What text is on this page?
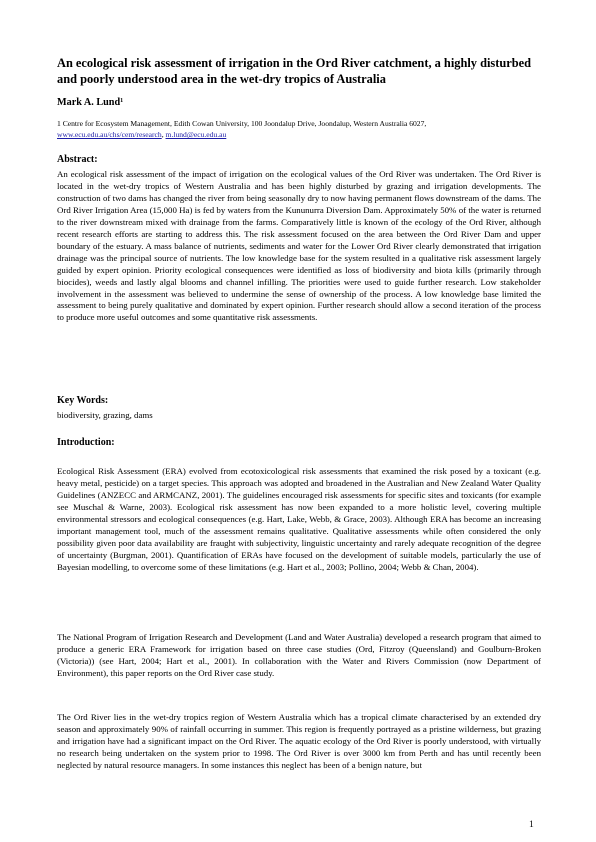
An ecological risk assessment of irrigation in the Ord River catchment, a highly disturbed and poorly understood area in the wet-dry tropics of Australia
Mark A. Lund$^1$
1 Centre for Ecosystem Management, Edith Cowan University, 100 Joondalup Drive, Joondalup, Western Australia 6027,
www.ecu.edu.au/chs/cem/research, m.lund@ecu.edu.au
Abstract:
An ecological risk assessment of the impact of irrigation on the ecological values of the Ord River was undertaken. The Ord River is located in the wet-dry tropics of Western Australia and has been highly disturbed by grazing and irrigation developments. The construction of two dams has changed the river from being seasonally dry to now having permanent flows downstream of the dams. The Ord River Irrigation Area (15,000 Ha) is fed by waters from the Kununurra Diversion Dam. Approximately 50% of the water is returned to the river downstream mixed with drainage from the farms. Comparatively little is known of the ecology of the Ord River, although recent research efforts are starting to address this. The risk assessment focused on the area between the Ord River Dam and upper boundary of the estuary. A mass balance of nutrients, sediments and water for the Lower Ord River clearly demonstrated that irrigation drainage was the principal source of nutrients. The low knowledge base for the system resulted in a qualitative risk assessment largely guided by expert opinion. Priority ecological consequences were identified as loss of biodiversity and biota kills (primarily through biocides), weeds and lastly algal blooms and channel infilling. The priorities were used to guide further research. Low stakeholder involvement in the assessment was believed to undermine the sense of ownership of the process. A low knowledge base limited the assessment to being purely qualitative and dominated by expert opinion. Further research should allow a second iteration of the process to produce more useful outcomes and some quantitative risk assessments.
Key Words:
biodiversity, grazing, dams
Introduction:
Ecological Risk Assessment (ERA) evolved from ecotoxicological risk assessments that examined the risk posed by a toxicant (e.g. heavy metal, pesticide) on a target species. This approach was adopted and broadened in the Australian and New Zealand Water Quality Guidelines (ANZECC and ARMCANZ, 2001). The guidelines encouraged risk assessments for specific sites and toxicants (for example see Muschal & Warne, 2003). Ecological risk assessment has now been expanded to a more holistic level, covering multiple environmental stressors and ecological consequences (e.g. Hart, Lake, Webb, & Grace, 2003). Although ERA has become an increasing important management tool, much of the assessment remains qualitative. Qualitative assessments while often considered the only possibility given poor data availability are fraught with subjectivity, linguistic uncertainty and rarely adequate recognition of the degree of uncertainty (Burgman, 2001). Quantification of ERAs have focused on the development of suitable models, particularly the use of Bayesian modelling, to overcome some of these limitations (e.g. Hart et al., 2003; Pollino, 2004; Webb & Chan, 2004).
The National Program of Irrigation Research and Development (Land and Water Australia) developed a research program that aimed to produce a generic ERA Framework for irrigation based on three case studies (Ord, Fitzroy (Queensland) and Goulburn-Broken (Victoria)) (see Hart, 2004; Hart et al., 2001). In collaboration with the Water and Rivers Commission (now Department of Environment), this paper reports on the Ord River case study.
The Ord River lies in the wet-dry tropics region of Western Australia which has a tropical climate characterised by an extended dry season and approximately 90% of rainfall occurring in summer. This region is frequently portrayed as a pristine wilderness, but grazing and irrigation have had a significant impact on the Ord River. The aquatic ecology of the Ord River is poorly understood, with virtually no research being undertaken on the system prior to 1998. The Ord River is over 3000 km from Perth and has until recently been neglected by natural resource managers. In some instances this neglect has been of a benign nature, but
1
